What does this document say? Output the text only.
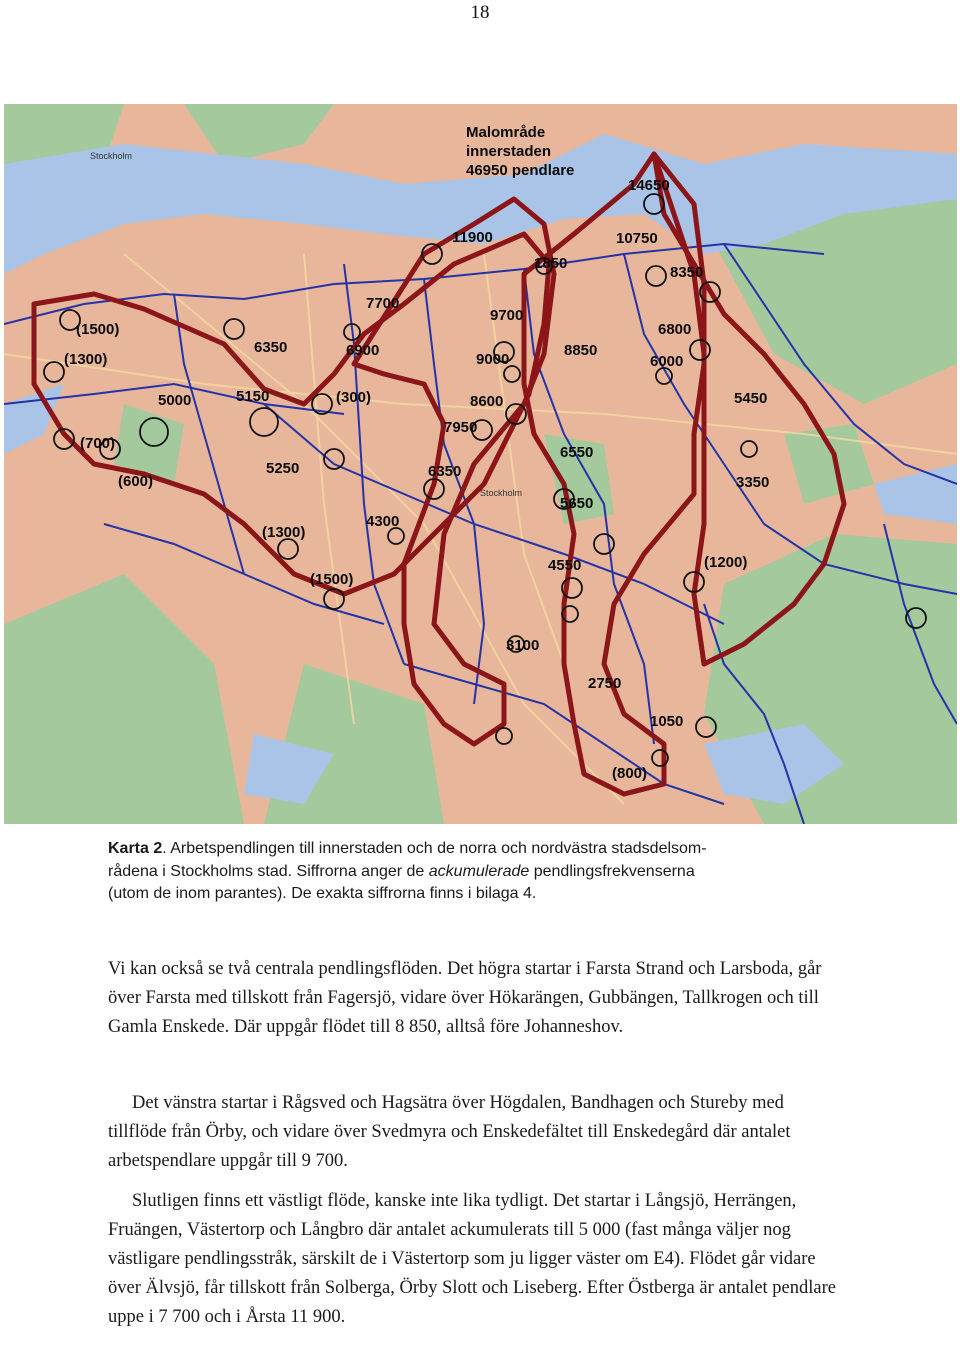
18
Malområde
innerstaden
46950 pendlare
14650
11900	10750
8350
1850
7700
9700
6800
(1500)
6350	6900
9000
8850
6000
(1300)
5000	5150	(300)	8600	5450
7950
(700)
6550
5250	6350
3350
(600)
5650
4300
(1300)
4550	(1200)
(1500)
3100
2750
1050
(800)
Stockholm
Stockholm
Karta 2. Arbetspendlingen till innerstaden och de norra och nordvästra stadsdelsom-
rådena i Stockholms stad. Siffrorna anger de ackumulerade pendlingsfrekvenserna
(utom de inom parantes). De exakta siffrorna finns i bilaga 4.

Vi kan också se två centrala pendlingsflöden. Det högra startar i Farsta Strand och Larsboda, går över Farsta med tillskott från Fagersjö, vidare över Hökarängen, Gubbängen, Tallkrogen och till Gamla Enskede. Där uppgår flödet till 8 850, alltså före Johanneshov.

Det vänstra startar i Rågsved och Hagsätra över Högdalen, Bandhagen och Stureby med tillflöde från Örby, och vidare över Svedmyra och Enskedefältet till Enskedegård där antalet arbetspendlare uppgår till 9 700.

Slutligen finns ett västligt flöde, kanske inte lika tydligt. Det startar i Långsjö, Herrängen, Fruängen, Västertorp och Långbro där antalet ackumulerats till 5 000 (fast många väljer nog västligare pendlingsstråk, särskilt de i Västertorp som ju ligger väster om E4). Flödet går vidare över Älvsjö, får tillskott från Solberga, Örby Slott och Liseberg. Efter Östberga är antalet pendlare uppe i 7 700 och i Årsta 11 900.
